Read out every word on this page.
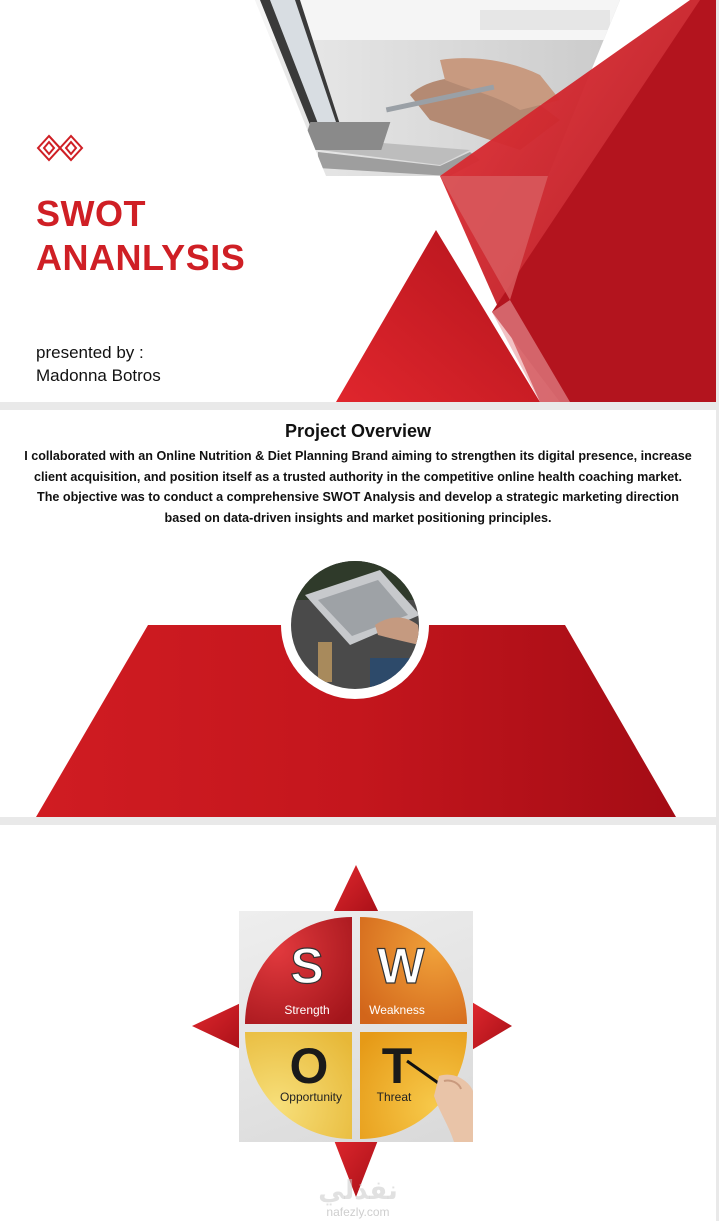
SWOT
ANANLYSIS
presented by :
Madonna Botros
Project Overview

I collaborated with an Online Nutrition & Diet Planning Brand aiming to strengthen its digital presence, increase client acquisition, and position itself as a trusted authority in the competitive online health coaching market.

The objective was to conduct a comprehensive SWOT Analysis and develop a strategic marketing direction based on data-driven insights and market positioning principles.

S
Strength
W
Weakness
O
Opportunity
T
Threat
نفذلي
nafezly.com
